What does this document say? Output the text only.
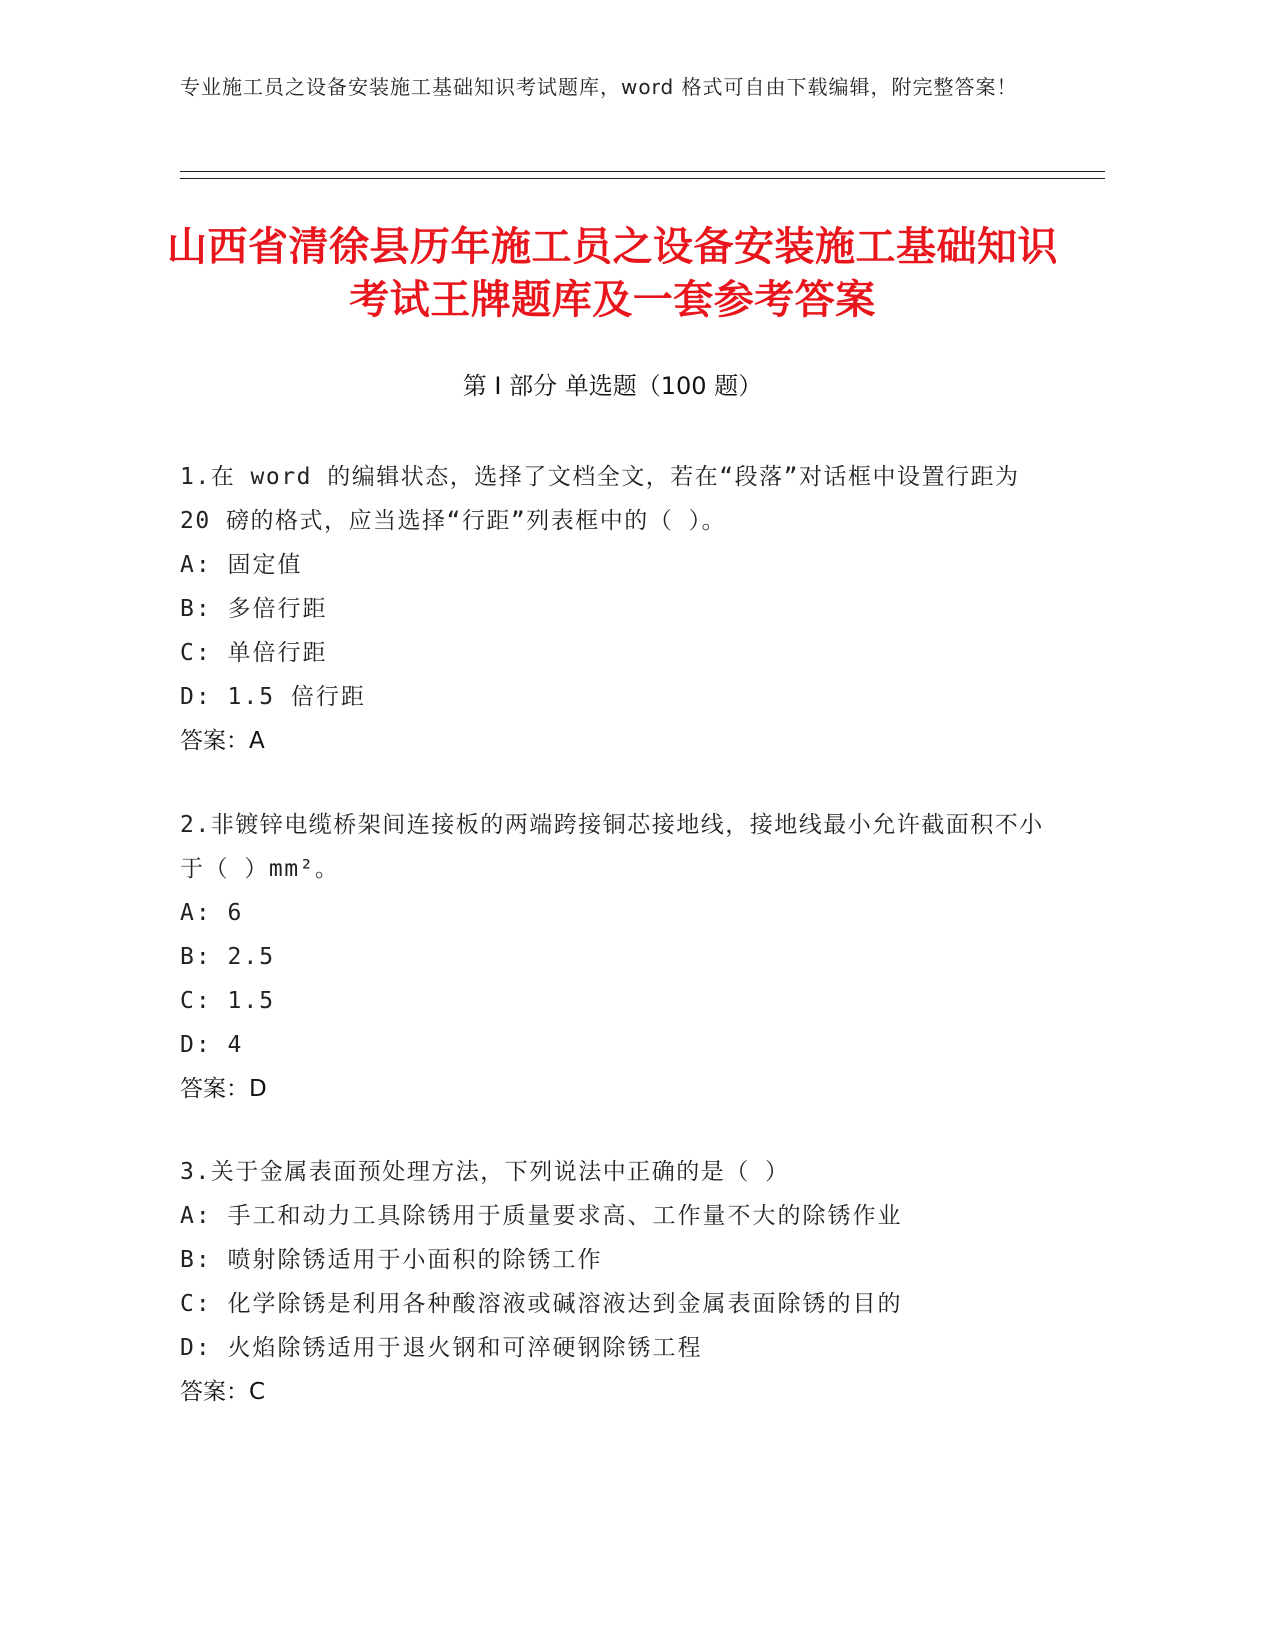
专业施工员之设备安装施工基础知识考试题库，word 格式可自由下载编辑，附完整答案！
山西省清徐县历年施工员之设备安装施工基础知识考试王牌题库及一套参考答案
第 I 部分 单选题（100 题）
1.在 word 的编辑状态，选择了文档全文，若在“段落”对话框中设置行距为 20 磅的格式，应当选择“行距”列表框中的（ ）。
A: 固定值
B: 多倍行距
C: 单倍行距
D: 1.5 倍行距
答案：A
2.非镀锌电缆桥架间连接板的两端跨接铜芯接地线，接地线最小允许截面积不小于（ ）mm²。
A: 6
B: 2.5
C: 1.5
D: 4
答案：D
3.关于金属表面预处理方法，下列说法中正确的是（ ）
A: 手工和动力工具除锈用于质量要求高、工作量不大的除锈作业
B: 喷射除锈适用于小面积的除锈工作
C: 化学除锈是利用各种酸溶液或碱溶液达到金属表面除锈的目的
D: 火焰除锈适用于退火钢和可淬硬钢除锈工程
答案：C
